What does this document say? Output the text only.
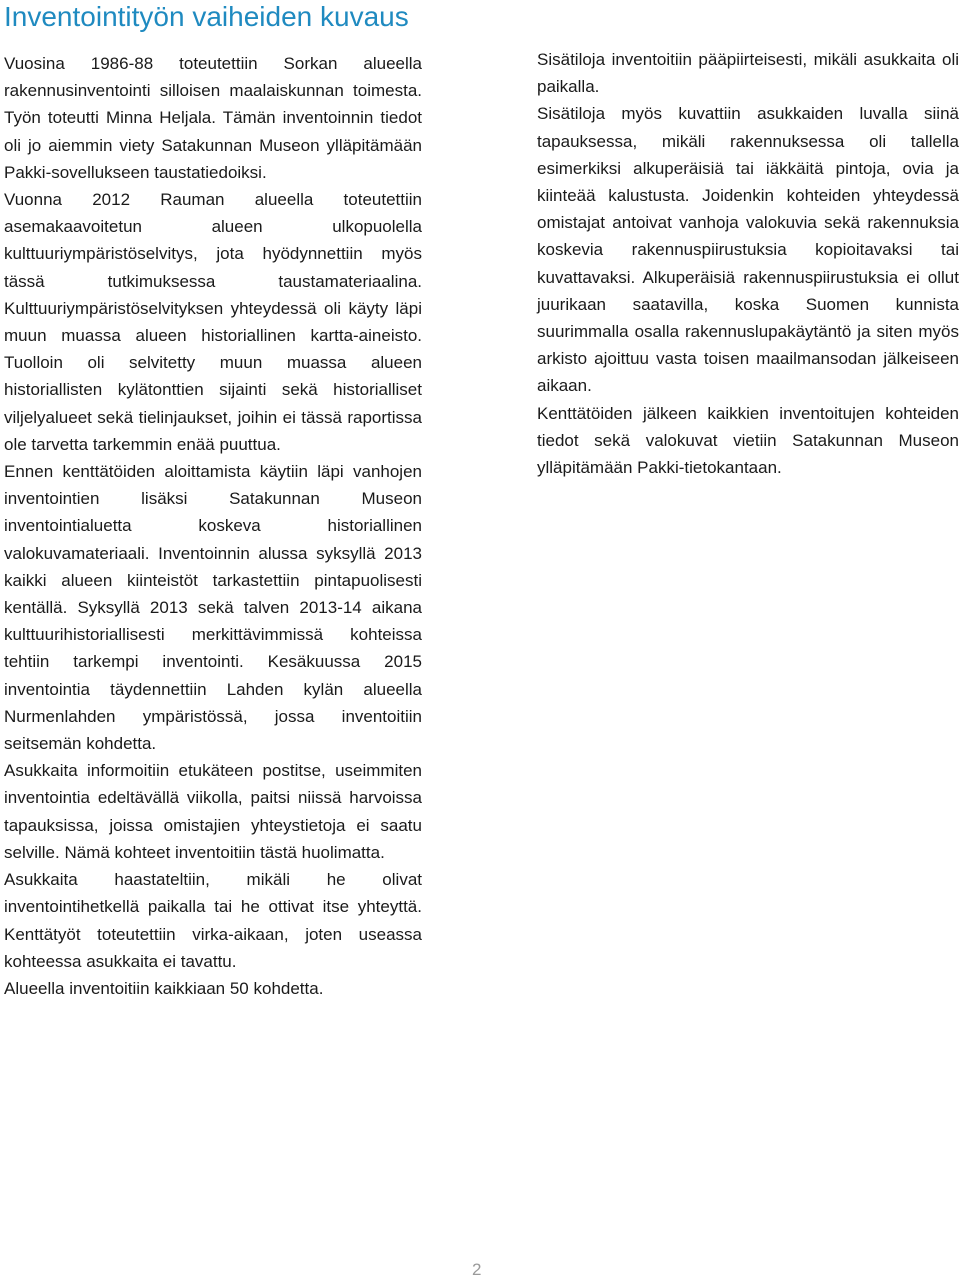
Inventointityön vaiheiden kuvaus

Vuosina 1986-88 toteutettiin Sorkan alueella rakennusinventointi silloisen maalaiskunnan toimesta. Työn toteutti Minna Heljala. Tämän inventoinnin tiedot oli jo aiemmin viety Satakunnan Museon ylläpitämään Pakki-sovellukseen taustatiedoiksi.

Vuonna 2012 Rauman alueella toteutettiin asemakaavoitetun alueen ulkopuolella kulttuuriympäristöselvitys, jota hyödynnettiin myös tässä tutkimuksessa taustamateriaalina. Kulttuuriympäristöselvityksen yhteydessä oli käyty läpi muun muassa alueen historiallinen kartta-aineisto. Tuolloin oli selvitetty muun muassa alueen historiallisten kylätonttien sijainti sekä historialliset viljelyalueet sekä tielinjaukset, joihin ei tässä raportissa ole tarvetta tarkemmin enää puuttua.

Ennen kenttätöiden aloittamista käytiin läpi vanhojen inventointien lisäksi Satakunnan Museon inventointialuetta koskeva historiallinen valokuvamateriaali. Inventoinnin alussa syksyllä 2013 kaikki alueen kiinteistöt tarkastettiin pintapuolisesti kentällä. Syksyllä 2013 sekä talven 2013-14 aikana kulttuurihistoriallisesti merkittävimmissä kohteissa tehtiin tarkempi inventointi. Kesäkuussa 2015 inventointia täydennettiin Lahden kylän alueella Nurmenlahden ympäristössä, jossa inventoitiin seitsemän kohdetta.

Asukkaita informoitiin etukäteen postitse, useimmiten inventointia edeltävällä viikolla, paitsi niissä harvoissa tapauksissa, joissa omistajien yhteystietoja ei saatu selville. Nämä kohteet inventoitiin tästä huolimatta.

Asukkaita haastateltiin, mikäli he olivat inventointihetkellä paikalla tai he ottivat itse yhteyttä. Kenttätyöt toteutettiin virka-aikaan, joten useassa kohteessa asukkaita ei tavattu.

Alueella inventoitiin kaikkiaan 50 kohdetta.

Sisätiloja inventoitiin pääpiirteisesti, mikäli asukkaita oli paikalla.

Sisätiloja myös kuvattiin asukkaiden luvalla siinä tapauksessa, mikäli rakennuksessa oli tallella esimerkiksi alkuperäisiä tai iäkkäitä pintoja, ovia ja kiinteää kalustusta. Joidenkin kohteiden yhteydessä omistajat antoivat vanhoja valokuvia sekä rakennuksia koskevia rakennuspiirustuksia kopioitavaksi tai kuvattavaksi. Alkuperäisiä rakennuspiirustuksia ei ollut juurikaan saatavilla, koska Suomen kunnista suurimmalla osalla rakennuslupakäytäntö ja siten myös arkisto ajoittuu vasta toisen maailmansodan jälkeiseen aikaan.

Kenttätöiden jälkeen kaikkien inventoitujen kohteiden tiedot sekä valokuvat vietiin Satakunnan Museon ylläpitämään Pakki-tietokantaan.

2
